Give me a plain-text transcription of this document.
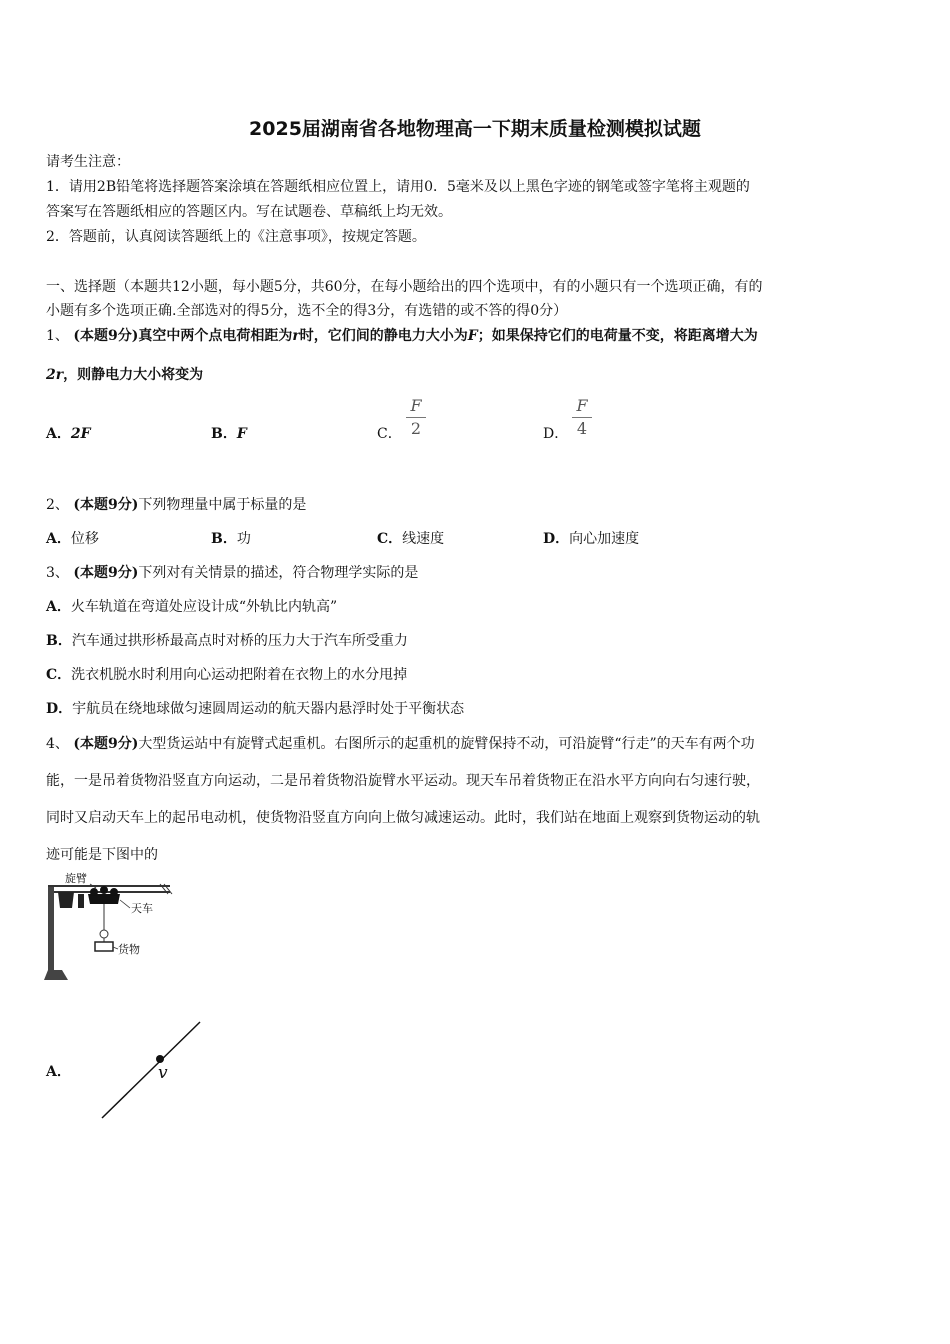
2025届湖南省各地物理高一下期末质量检测模拟试题
请考生注意：
1．请用2B铅笔将选择题答案涂填在答题纸相应位置上，请用0．5毫米及以上黑色字迹的钢笔或签字笔将主观题的
答案写在答题纸相应的答题区内。写在试题卷、草稿纸上均无效。
2．答题前，认真阅读答题纸上的《注意事项》，按规定答题。
一、选择题（本题共12小题，每小题5分，共60分，在每小题给出的四个选项中，有的小题只有一个选项正确，有的
小题有多个选项正确.全部选对的得5分，选不全的得3分，有选错的或不答的得0分）
1、 (本题9分)真空中两个点电荷相距为r时，它们间的静电力大小为F；如果保持它们的电荷量不变，将距离增大为
2r，则静电力大小将变为
A．2F	B．F	C．
F
2	D．
F
4
2、 (本题9分)下列物理量中属于标量的是
A．位移	B．功	C．线速度	D．向心加速度
3、 (本题9分)下列对有关情景的描述，符合物理学实际的是
A．火车轨道在弯道处应设计成“外轨比内轨高”
B．汽车通过拱形桥最高点时对桥的压力大于汽车所受重力
C．洗衣机脱水时利用向心运动把附着在衣物上的水分甩掉
D．宇航员在绕地球做匀速圆周运动的航天器内悬浮时处于平衡状态
4、 (本题9分)大型货运站中有旋臂式起重机。右图所示的起重机的旋臂保持不动，可沿旋臂“行走”的天车有两个功
能，一是吊着货物沿竖直方向运动，二是吊着货物沿旋臂水平运动。现天车吊着货物正在沿水平方向向右匀速行驶，
同时又启动天车上的起吊电动机，使货物沿竖直方向向上做匀减速运动。此时，我们站在地面上观察到货物运动的轨
迹可能是下图中的
旋臂
天车
货物
A．	v
